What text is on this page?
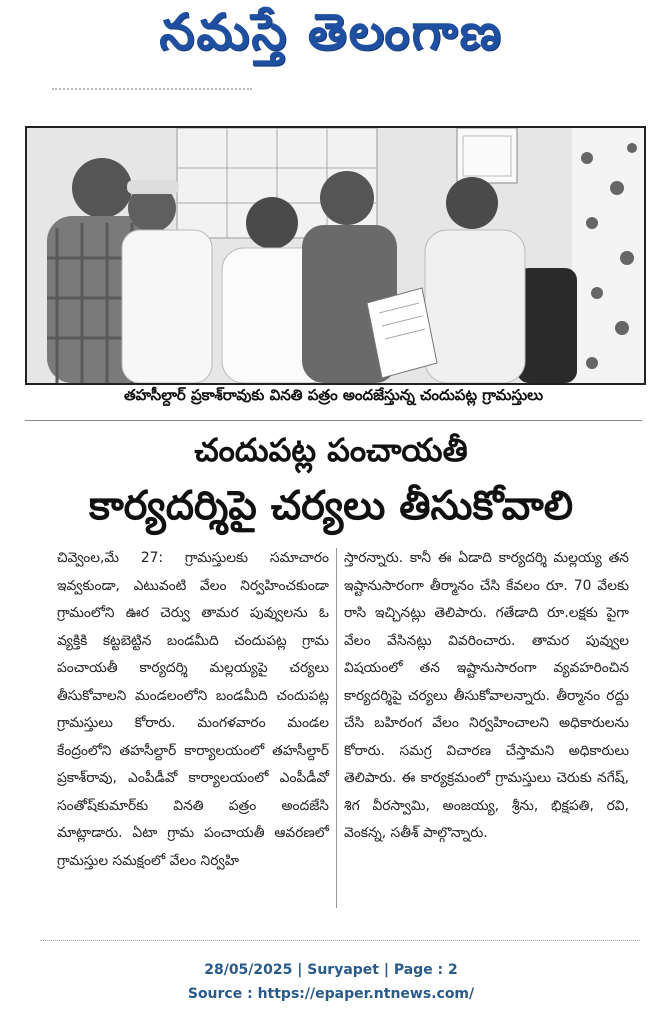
నమస్తే తెలంగాణ
తహసీల్దార్ ప్రకాశ్‌రావుకు వినతి పత్రం అందజేస్తున్న చందుపట్ల గ్రామస్తులు
చందుపట్ల పంచాయతీ
కార్యదర్శిపై చర్యలు తీసుకోవాలి

చివ్వెంల,మే 27: గ్రామస్తులకు సమాచారం ఇవ్వకుండా, ఎటువంటి వేలం నిర్వహించకుండా గ్రామంలోని ఊర చెర్వు తామర పువ్వులను ఓ వ్యక్తికి కట్టబెట్టిన బండమీది చందుపట్ల గ్రామ పంచాయతీ కార్యదర్శి మల్లయ్యపై చర్యలు తీసుకోవాలని మండలంలోని బండమీది చందుపట్ల గ్రామస్తులు కోరారు. మంగళవారం మండల కేంద్రంలోని తహసీల్దార్ కార్యాలయంలో తహసీల్దార్ ప్రకాశ్‌రావు, ఎంపీడీవో కార్యాలయంలో ఎంపీడీవో సంతోష్‌కుమార్‌కు వినతి పత్రం అందజేసి మాట్లాడారు. ఏటా గ్రామ పంచాయతీ ఆవరణలో గ్రామస్తుల సమక్షంలో వేలం నిర్వహి

స్తారన్నారు. కానీ ఈ ఏడాది కార్యదర్శి మల్లయ్య తన ఇష్టానుసారంగా తీర్మానం చేసి కేవలం రూ. 70 వేలకు రాసి ఇచ్చినట్లు తెలిపారు. గతేడాది రూ.లక్షకు పైగా వేలం వేసినట్లు వివరించారు. తామర పువ్వుల విషయంలో తన ఇష్టానుసారంగా వ్యవహరించిన కార్యదర్శిపై చర్యలు తీసుకోవాలన్నారు. తీర్మానం రద్దు చేసి బహిరంగ వేలం నిర్వహించాలని అధికారులను కోరారు. సమగ్ర విచారణ చేస్తామని అధికారులు తెలిపారు. ఈ కార్యక్రమంలో గ్రామస్తులు చెరుకు నగేష్, శిగ వీరస్వామి, అంజయ్య, శ్రీను, భిక్షపతి, రవి, వెంకన్న, సతీశ్ పాల్గొన్నారు.

28/05/2025 | Suryapet | Page : 2
Source : https://epaper.ntnews.com/
